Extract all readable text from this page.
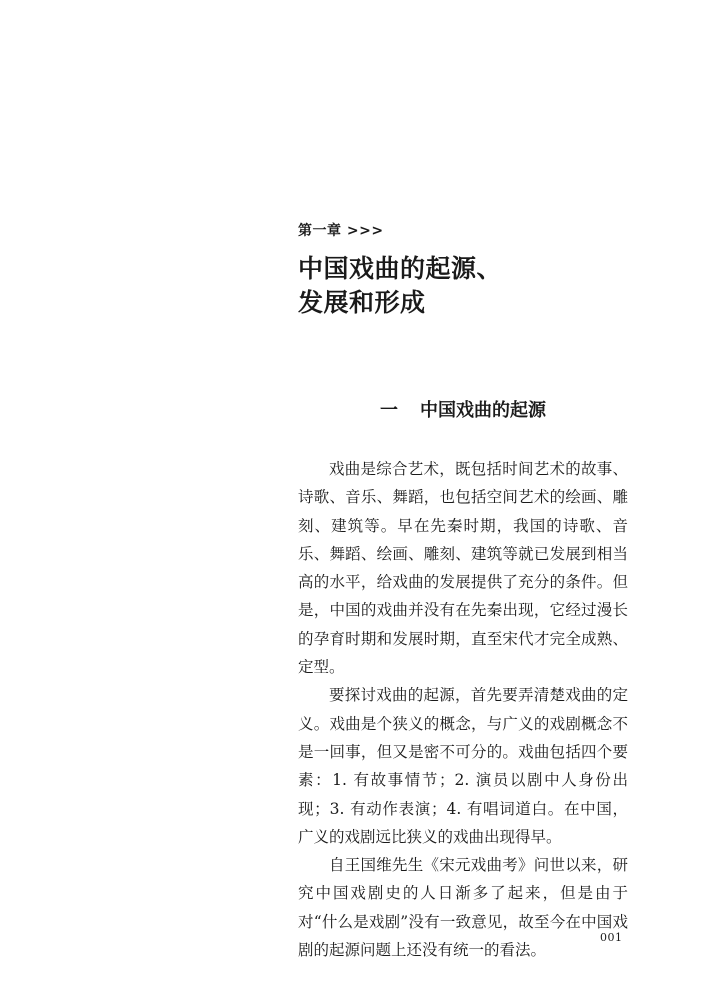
第一章 >>>
中国戏曲的起源、
发展和形成
一 中国戏曲的起源

戏曲是综合艺术，既包括时间艺术的故事、诗歌、音乐、舞蹈，也包括空间艺术的绘画、雕刻、建筑等。早在先秦时期，我国的诗歌、音乐、舞蹈、绘画、雕刻、建筑等就已发展到相当高的水平，给戏曲的发展提供了充分的条件。但是，中国的戏曲并没有在先秦出现，它经过漫长的孕育时期和发展时期，直至宋代才完全成熟、定型。

要探讨戏曲的起源，首先要弄清楚戏曲的定义。戏曲是个狭义的概念，与广义的戏剧概念不是一回事，但又是密不可分的。戏曲包括四个要素：1. 有故事情节；2. 演员以剧中人身份出现；3. 有动作表演；4. 有唱词道白。在中国，广义的戏剧远比狭义的戏曲出现得早。

自王国维先生《宋元戏曲考》问世以来，研究中国戏剧史的人日渐多了起来，但是由于对“什么是戏剧”没有一致意见，故至今在中国戏剧的起源问题上还没有统一的看法。

001
